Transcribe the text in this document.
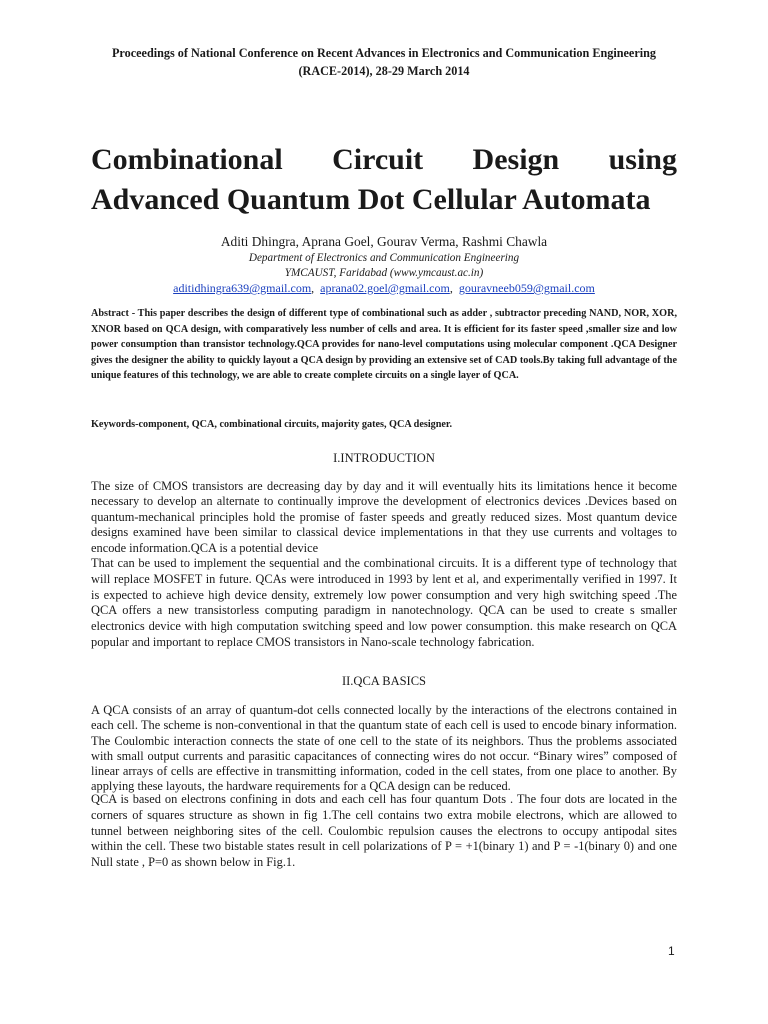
Proceedings of National Conference on Recent Advances in Electronics and Communication Engineering
(RACE-2014), 28-29 March 2014
Combinational Circuit Design using
Advanced Quantum Dot Cellular Automata
Aditi Dhingra, Aprana Goel, Gourav Verma, Rashmi Chawla
Department of Electronics and Communication Engineering
YMCAUST, Faridabad (www.ymcaust.ac.in)
aditidhingra639@gmail.com,  aprana02.goel@gmail.com,  gouravneeb059@gmail.com
Abstract - This paper describes the design of different type of combinational such as adder , subtractor preceding NAND, NOR, XOR, XNOR based on QCA design, with comparatively less number of cells and area. It is efficient for its faster speed ,smaller size and low power consumption than transistor technology.QCA provides for nano-level computations using molecular component .QCA Designer gives the designer the ability to quickly layout a QCA design by providing an extensive set of CAD tools.By taking full advantage of the unique features of this technology, we are able to create complete circuits on a single layer of QCA.
Keywords-component, QCA, combinational circuits, majority gates, QCA designer.
I.INTRODUCTION
The size of CMOS transistors are decreasing day by day and it will eventually hits its limitations hence it become necessary to develop an alternate to continually improve the development of electronics devices .Devices based on quantum-mechanical principles hold the promise of faster speeds and greatly reduced sizes. Most quantum device designs examined have been similar to classical device implementations in that they use currents and voltages to encode information.QCA is a potential device
That can be used to implement the sequential and the combinational circuits. It is a different type of technology that will replace MOSFET in future. QCAs were introduced in 1993 by lent et al, and experimentally verified in 1997. It is expected to achieve high device density, extremely low power consumption and very high switching speed .The QCA offers a new transistorless computing paradigm in nanotechnology. QCA can be used to create s smaller electronics device with high computation switching speed and low power consumption. this make research on QCA popular and important to replace CMOS transistors in Nano-scale technology fabrication.
II.QCA BASICS
A QCA consists of an array of quantum-dot cells connected locally by the interactions of the electrons contained in each cell. The scheme is non-conventional in that the quantum state of each cell is used to encode binary information. The Coulombic interaction connects the state of one cell to the state of its neighbors. Thus the problems associated with small output currents and parasitic capacitances of connecting wires do not occur. “Binary wires” composed of linear arrays of cells are effective in transmitting information, coded in the cell states, from one place to another. By applying these layouts, the hardware requirements for a QCA design can be reduced.
QCA is based on electrons confining in dots and each cell has four quantum Dots . The four dots are located in the corners of squares structure as shown in fig 1.The cell contains two extra mobile electrons, which are allowed to tunnel between neighboring sites of the cell. Coulombic repulsion causes the electrons to occupy antipodal sites within the cell. These two bistable states result in cell polarizations of P = +1(binary 1) and P = -1(binary 0) and one Null state , P=0 as shown below in Fig.1.
1
